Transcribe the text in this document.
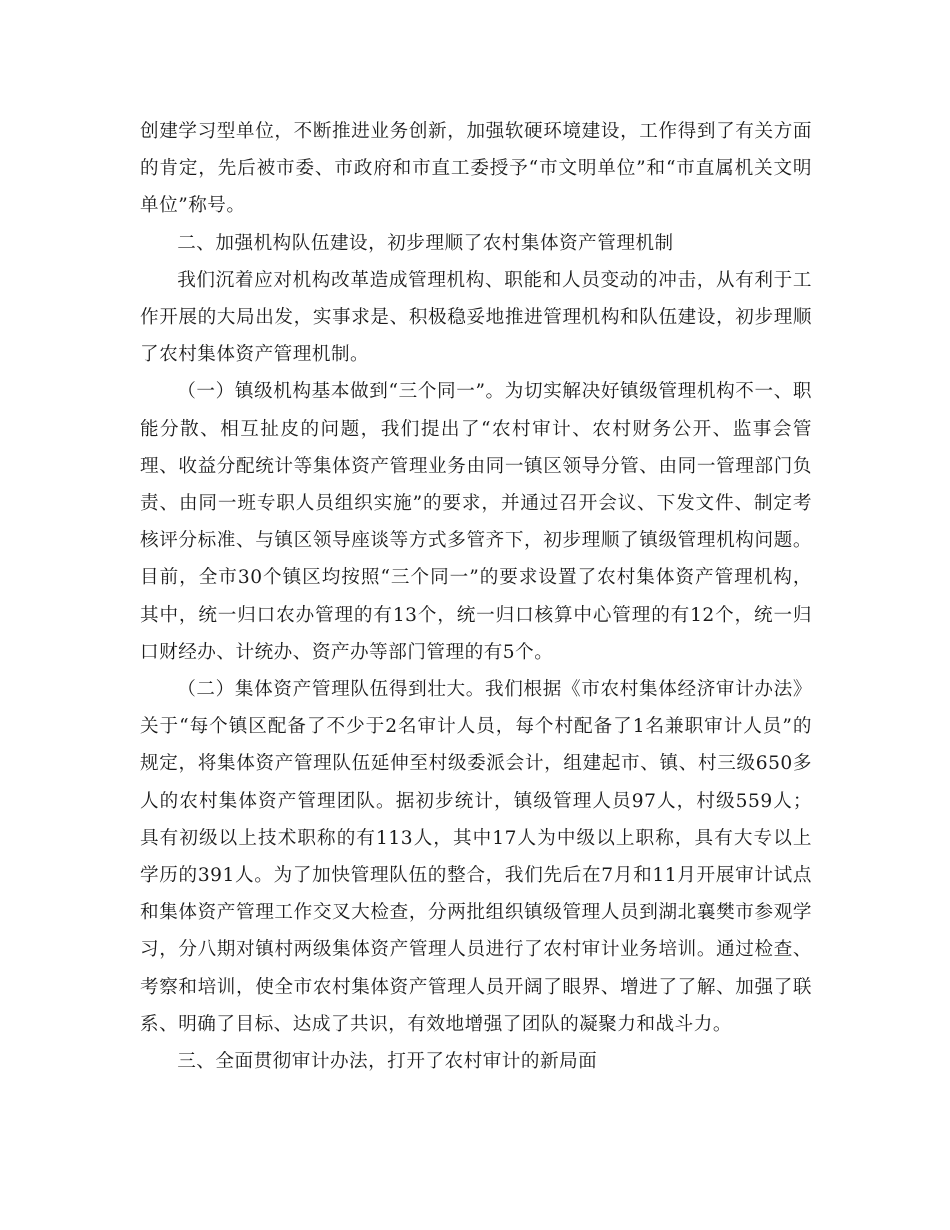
创建学习型单位，不断推进业务创新，加强软硬环境建设，工作得到了有关方面的肯定，先后被市委、市政府和市直工委授予“市文明单位”和“市直属机关文明单位”称号。

二、加强机构队伍建设，初步理顺了农村集体资产管理机制

我们沉着应对机构改革造成管理机构、职能和人员变动的冲击，从有利于工作开展的大局出发，实事求是、积极稳妥地推进管理机构和队伍建设，初步理顺了农村集体资产管理机制。

（一）镇级机构基本做到“三个同一”。为切实解决好镇级管理机构不一、职能分散、相互扯皮的问题，我们提出了“农村审计、农村财务公开、监事会管理、收益分配统计等集体资产管理业务由同一镇区领导分管、由同一管理部门负责、由同一班专职人员组织实施”的要求，并通过召开会议、下发文件、制定考核评分标准、与镇区领导座谈等方式多管齐下，初步理顺了镇级管理机构问题。目前，全市30个镇区均按照“三个同一”的要求设置了农村集体资产管理机构，其中，统一归口农办管理的有13个，统一归口核算中心管理的有12个，统一归口财经办、计统办、资产办等部门管理的有5个。

（二）集体资产管理队伍得到壮大。我们根据《市农村集体经济审计办法》关于“每个镇区配备了不少于2名审计人员，每个村配备了1名兼职审计人员”的规定，将集体资产管理队伍延伸至村级委派会计，组建起市、镇、村三级650多人的农村集体资产管理团队。据初步统计，镇级管理人员97人，村级559人；具有初级以上技术职称的有113人，其中17人为中级以上职称，具有大专以上学历的391人。为了加快管理队伍的整合，我们先后在7月和11月开展审计试点和集体资产管理工作交叉大检查，分两批组织镇级管理人员到湖北襄樊市参观学习，分八期对镇村两级集体资产管理人员进行了农村审计业务培训。通过检查、考察和培训，使全市农村集体资产管理人员开阔了眼界、增进了了解、加强了联系、明确了目标、达成了共识，有效地增强了团队的凝聚力和战斗力。

三、全面贯彻审计办法，打开了农村审计的新局面
